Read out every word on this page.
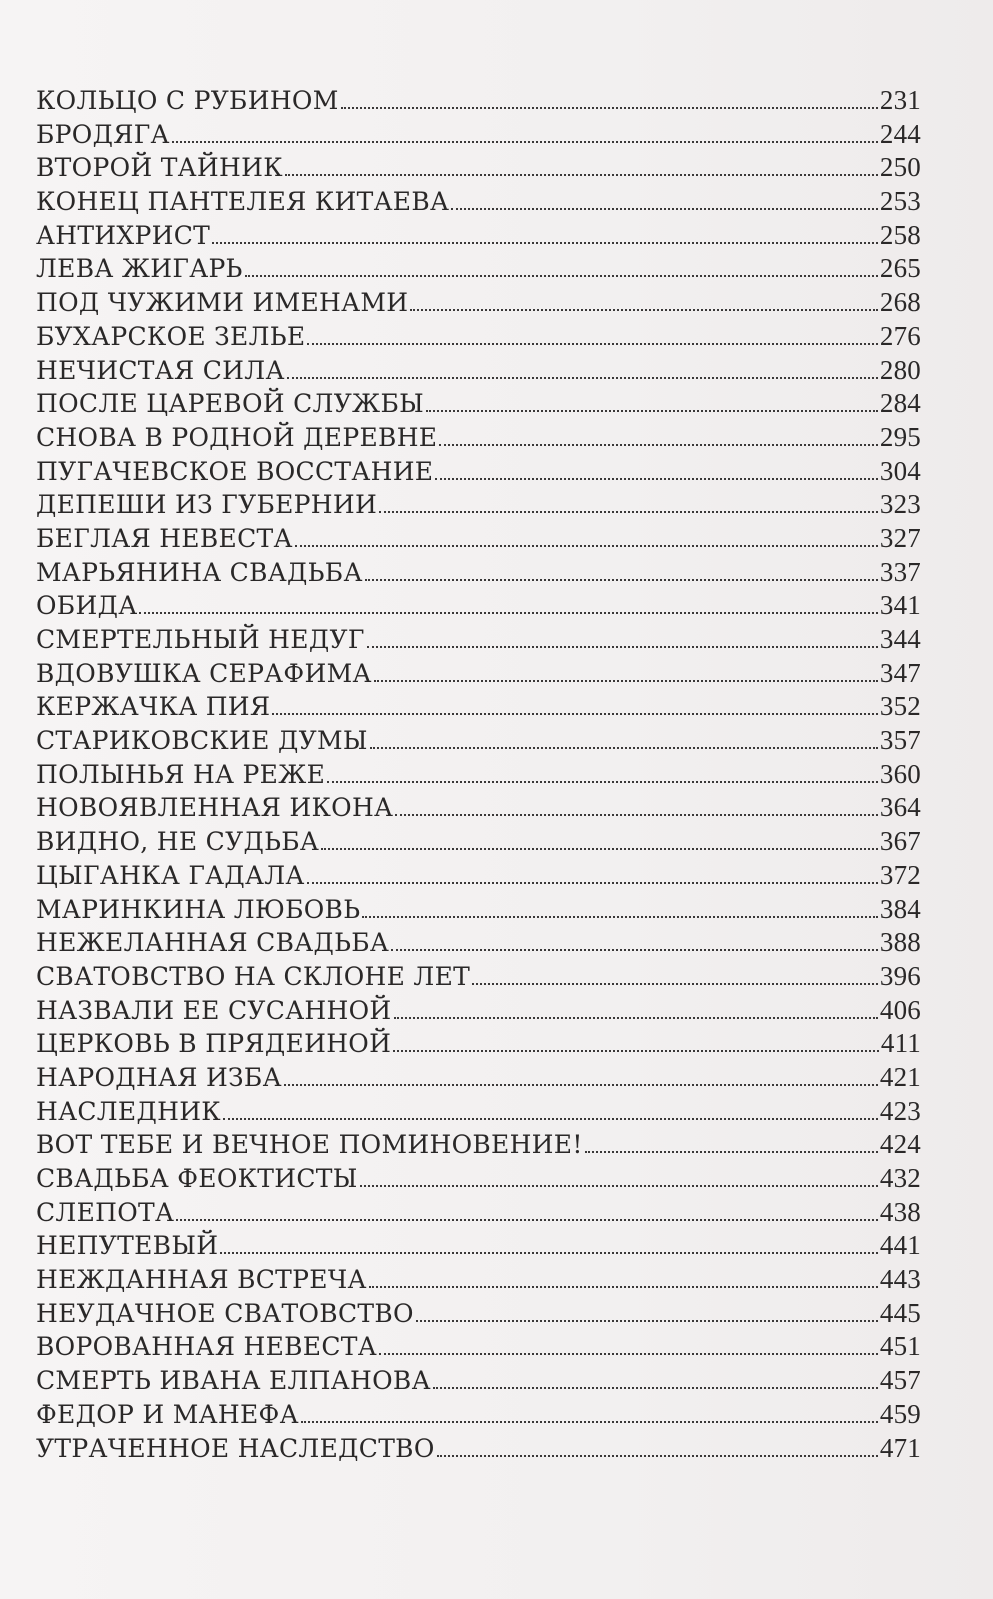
КОЛЬЦО С РУБИНОМ	231
БРОДЯГА	244
ВТОРОЙ ТАЙНИК	250
КОНЕЦ ПАНТЕЛЕЯ КИТАЕВА	253
АНТИХРИСТ	258
ЛЕВА ЖИГАРЬ	265
ПОД ЧУЖИМИ ИМЕНАМИ	268
БУХАРСКОЕ ЗЕЛЬЕ	276
НЕЧИСТАЯ СИЛА	280
ПОСЛЕ ЦАРЕВОЙ СЛУЖБЫ	284
СНОВА В РОДНОЙ ДЕРЕВНЕ	295
ПУГАЧЕВСКОЕ ВОССТАНИЕ	304
ДЕПЕШИ ИЗ ГУБЕРНИИ	323
БЕГЛАЯ НЕВЕСТА	327
МАРЬЯНИНА СВАДЬБА	337
ОБИДА	341
СМЕРТЕЛЬНЫЙ НЕДУГ	344
ВДОВУШКА СЕРАФИМА	347
КЕРЖАЧКА ПИЯ	352
СТАРИКОВСКИЕ ДУМЫ	357
ПОЛЫНЬЯ НА РЕЖЕ	360
НОВОЯВЛЕННАЯ ИКОНА	364
ВИДНО, НЕ СУДЬБА	367
ЦЫГАНКА ГАДАЛА	372
МАРИНКИНА ЛЮБОВЬ	384
НЕЖЕЛАННАЯ СВАДЬБА	388
СВАТОВСТВО НА СКЛОНЕ ЛЕТ	396
НАЗВАЛИ ЕЕ СУСАННОЙ	406
ЦЕРКОВЬ В ПРЯДЕИНОЙ	411
НАРОДНАЯ ИЗБА	421
НАСЛЕДНИК	423
ВОТ ТЕБЕ И ВЕЧНОЕ ПОМИНОВЕНИЕ!	424
СВАДЬБА ФЕОКТИСТЫ	432
СЛЕПОТА	438
НЕПУТЕВЫЙ	441
НЕЖДАННАЯ ВСТРЕЧА	443
НЕУДАЧНОЕ СВАТОВСТВО	445
ВОРОВАННАЯ НЕВЕСТА	451
СМЕРТЬ ИВАНА ЕЛПАНОВА	457
ФЕДОР И МАНЕФА	459
УТРАЧЕННОЕ НАСЛЕДСТВО	471
